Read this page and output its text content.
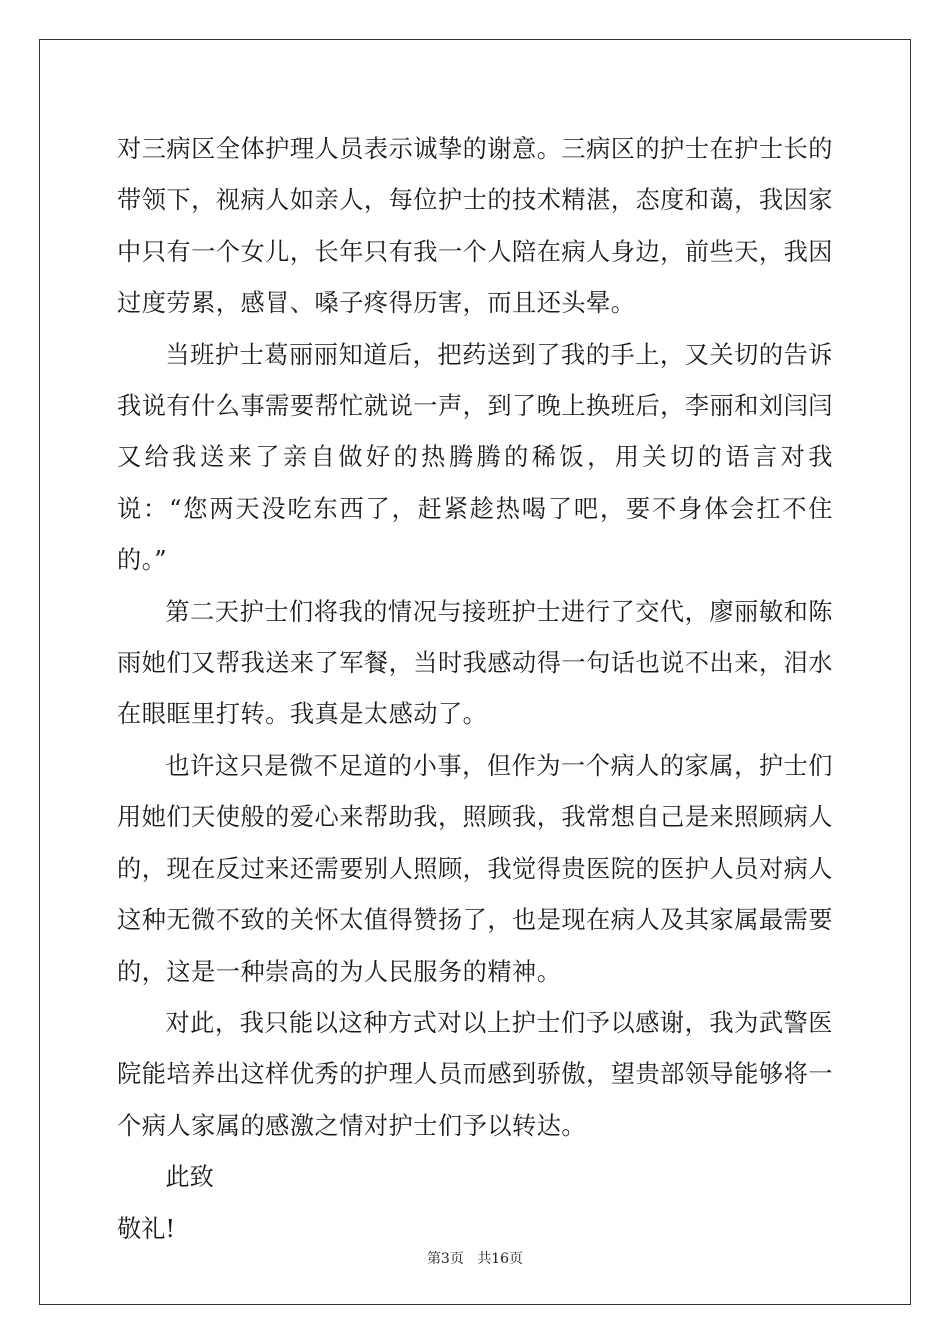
对三病区全体护理人员表示诚挚的谢意。三病区的护士在护士长的带领下，视病人如亲人，每位护士的技术精湛，态度和蔼，我因家中只有一个女儿，长年只有我一个人陪在病人身边，前些天，我因过度劳累，感冒、嗓子疼得历害，而且还头晕。

当班护士葛丽丽知道后，把药送到了我的手上，又关切的告诉我说有什么事需要帮忙就说一声，到了晚上换班后，李丽和刘闫闫又给我送来了亲自做好的热腾腾的稀饭，用关切的语言对我说：“您两天没吃东西了，赶紧趁热喝了吧，要不身体会扛不住的。”

第二天护士们将我的情况与接班护士进行了交代，廖丽敏和陈雨她们又帮我送来了军餐，当时我感动得一句话也说不出来，泪水在眼眶里打转。我真是太感动了。

也许这只是微不足道的小事，但作为一个病人的家属，护士们用她们天使般的爱心来帮助我，照顾我，我常想自己是来照顾病人的，现在反过来还需要别人照顾，我觉得贵医院的医护人员对病人这种无微不致的关怀太值得赞扬了，也是现在病人及其家属最需要的，这是一种崇高的为人民服务的精神。

对此，我只能以这种方式对以上护士们予以感谢，我为武警医院能培养出这样优秀的护理人员而感到骄傲，望贵部领导能够将一个病人家属的感激之情对护士们予以转达。

此致

敬礼!

第3页 共16页
